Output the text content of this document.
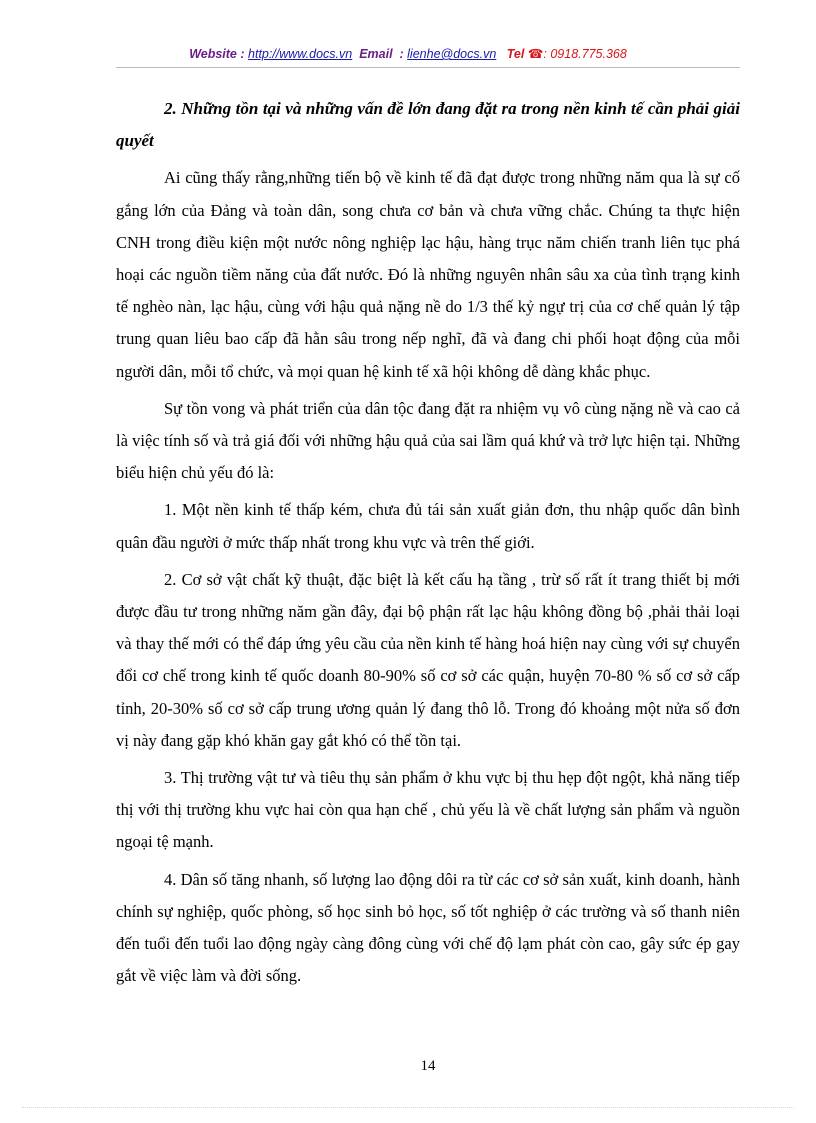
Website : http://www.docs.vn Email : lienhe@docs.vn Tel ☎: 0918.775.368

2. Những tồn tại và những vấn đề lớn đang đặt ra trong nền kinh tế cần phải giải quyết

Ai cũng thấy rằng,những tiến bộ về kinh tế đã đạt được trong những năm qua là sự cố gắng lớn của Đảng và toàn dân, song chưa cơ bản và chưa vững chắc. Chúng ta thực hiện CNH trong điều kiện một nước nông nghiệp lạc hậu, hàng trục năm chiến tranh liên tục phá hoại các nguồn tiềm năng của đất nước. Đó là những nguyên nhân sâu xa của tình trạng kinh tế nghèo nàn, lạc hậu, cùng với hậu quả nặng nề do 1/3 thế kỷ ngự trị của cơ chế quản lý tập trung quan liêu bao cấp đã hằn sâu trong nếp nghĩ, đã và đang chi phối hoạt động của mỗi người dân, mỗi tổ chức, và mọi quan hệ kinh tế xã hội không dễ dàng khắc phục.

Sự tồn vong và phát triển của dân tộc đang đặt ra nhiệm vụ vô cùng nặng nề và cao cả là việc tính số và trả giá đối với những hậu quả của sai lầm quá khứ và trở lực hiện tại. Những biểu hiện chủ yếu đó là:

1. Một nền kinh tế thấp kém, chưa đủ tái sản xuất giản đơn, thu nhập quốc dân bình quân đầu người ở mức thấp nhất trong khu vực và trên thế giới.

2. Cơ sở vật chất kỹ thuật, đặc biệt là kết cấu hạ tầng , trừ số rất ít trang thiết bị mới được đầu tư trong những năm gần đây, đại bộ phận rất lạc hậu không đồng bộ ,phải thải loại và thay thế mới có thể đáp ứng yêu cầu của nền kinh tế hàng hoá hiện nay cùng với sự chuyển đổi cơ chế trong kinh tế quốc doanh 80-90% số cơ sở các quận, huyện 70-80 % số cơ sở cấp tỉnh, 20-30% số cơ sở cấp trung ương quản lý đang thô lỗ. Trong đó khoảng một nửa số đơn vị này đang gặp khó khăn gay gắt khó có thể tồn tại.

3. Thị trường vật tư và tiêu thụ sản phẩm ở khu vực bị thu hẹp đột ngột, khả năng tiếp thị với thị trường khu vực hai còn qua hạn chế , chủ yếu là về chất lượng sản phẩm và nguồn ngoại tệ mạnh.

4. Dân số tăng nhanh, số lượng lao động dôi ra từ các cơ sở sản xuất, kinh doanh, hành chính sự nghiệp, quốc phòng, số học sinh bỏ học, số tốt nghiệp ở các trường và số thanh niên đến tuổi đến tuổi lao động ngày càng đông cùng với chế độ lạm phát còn cao, gây sức ép gay gắt về việc làm và đời sống.

14
